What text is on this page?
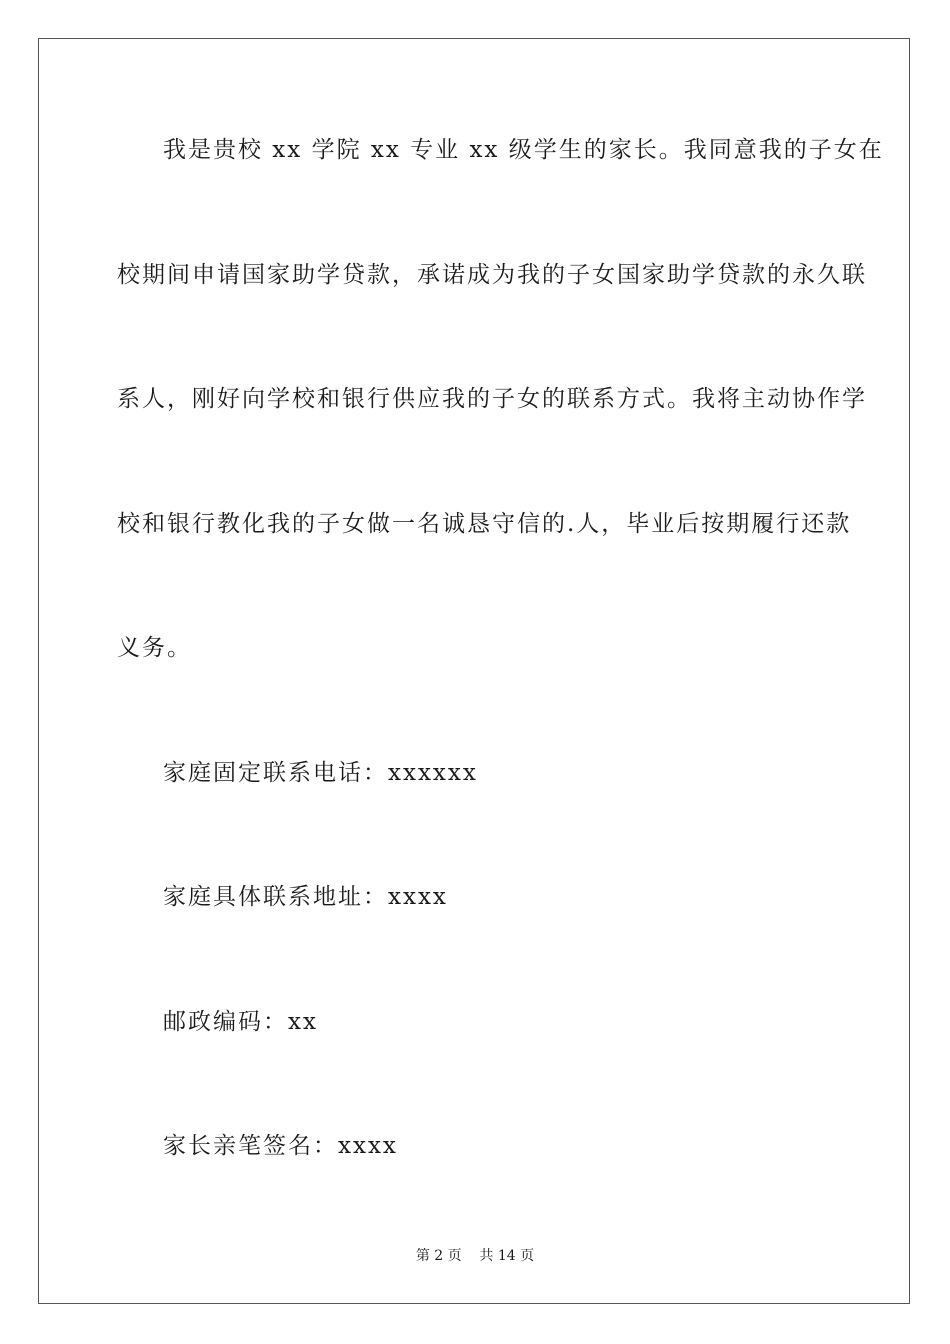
我是贵校 xx 学院 xx 专业 xx 级学生的家长。我同意我的子女在
校期间申请国家助学贷款，承诺成为我的子女国家助学贷款的永久联
系人，刚好向学校和银行供应我的子女的联系方式。我将主动协作学
校和银行教化我的子女做一名诚恳守信的.人，毕业后按期履行还款
义务。
家庭固定联系电话：xxxxxx
家庭具体联系地址：xxxx
邮政编码：xx
家长亲笔签名：xxxx
第 2 页    共 14 页
